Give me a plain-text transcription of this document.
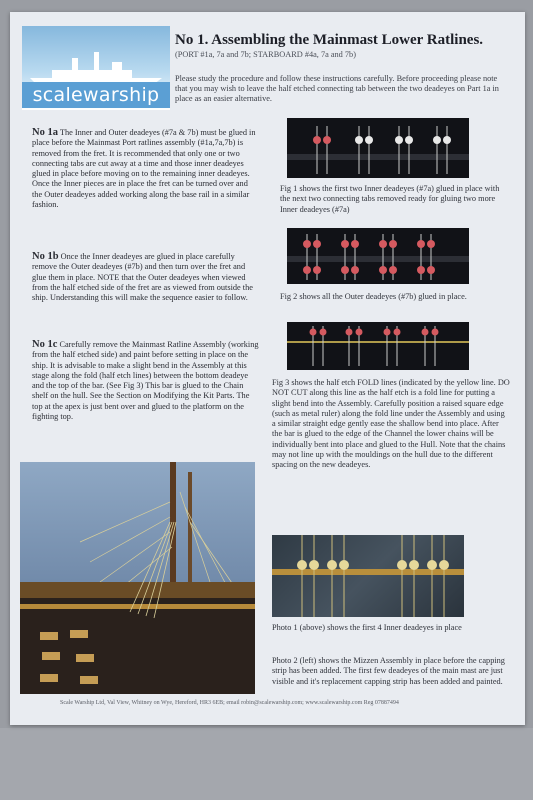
scalewarship
No 1. Assembling the Mainmast Lower Ratlines.
(PORT #1a, 7a and 7b; STARBOARD #4a, 7a and 7b)
Please study the procedure and follow these instructions carefully. Before proceeding please note that you may wish to leave the half etched connecting tab between the two deadeyes on Part 1a in place as an easier alternative.
No 1a The Inner and Outer deadeyes (#7a & 7b) must be glued in place before the Mainmast Port ratlines assembly (#1a,7a,7b) is removed from the fret. It is recommended that only one or two connecting tabs are cut away at a time and those inner deadeyes glued in place before moving on to the remaining inner deadeyes. Once the Inner pieces are in place the fret can be turned over and the Outer deadeyes added working along the base rail in a similar fashion.
No 1b Once the Inner deadeyes are glued in place carefully remove the Outer deadeyes (#7b) and then turn over the fret and glue them in place. NOTE that the Outer deadeyes when viewed from the half etched side of the fret are as viewed from outside the ship. Understanding this will make the sequence easier to follow.
No 1c Carefully remove the Mainmast Ratline Assembly (working from the half etched side) and paint before setting in place on the ship. It is advisable to make a slight bend in the Assembly at this stage along the fold (half etch lines) between the bottom deadeye and the top of the bar. (See Fig 3) This bar is glued to the Chain shelf on the hull. See the Section on Modifying the Kit Parts. The top at the apex is just bent over and glued to the platform on the fighting top.
Fig 1 shows the first two Inner deadeyes (#7a) glued in place with the next two connecting tabs removed ready for gluing two more Inner deadeyes (#7a)
Fig 2 shows all the Outer deadeyes (#7b) glued in place.
Fig 3 shows the half etch FOLD lines (indicated by the yellow line. DO NOT CUT along this line as the half etch is a fold line for putting a slight bend into the Assembly. Carefully position a raised square edge (such as metal ruler) along the fold line under the Assembly and using a similar straight edge gently ease the shallow bend into place. After the bar is glued to the edge of the Channel the lower chains will be individually bent into place and glued to the Hull. Note that the chains may not line up with the mouldings on the hull due to the different spacing on the new deadeyes.
Photo 1 (above) shows the first 4 Inner deadeyes in place
Photo 2 (left) shows the Mizzen Assembly in place before the capping strip has been added. The first few deadeyes of the main mast are just visible and it's replacement capping strip has been added and painted.
Scale Warship Ltd, Val View, Whitney on Wye, Hereford, HR3 6EB; email robin@scalewarship.com; www.scalewarship.com Reg 07887494
